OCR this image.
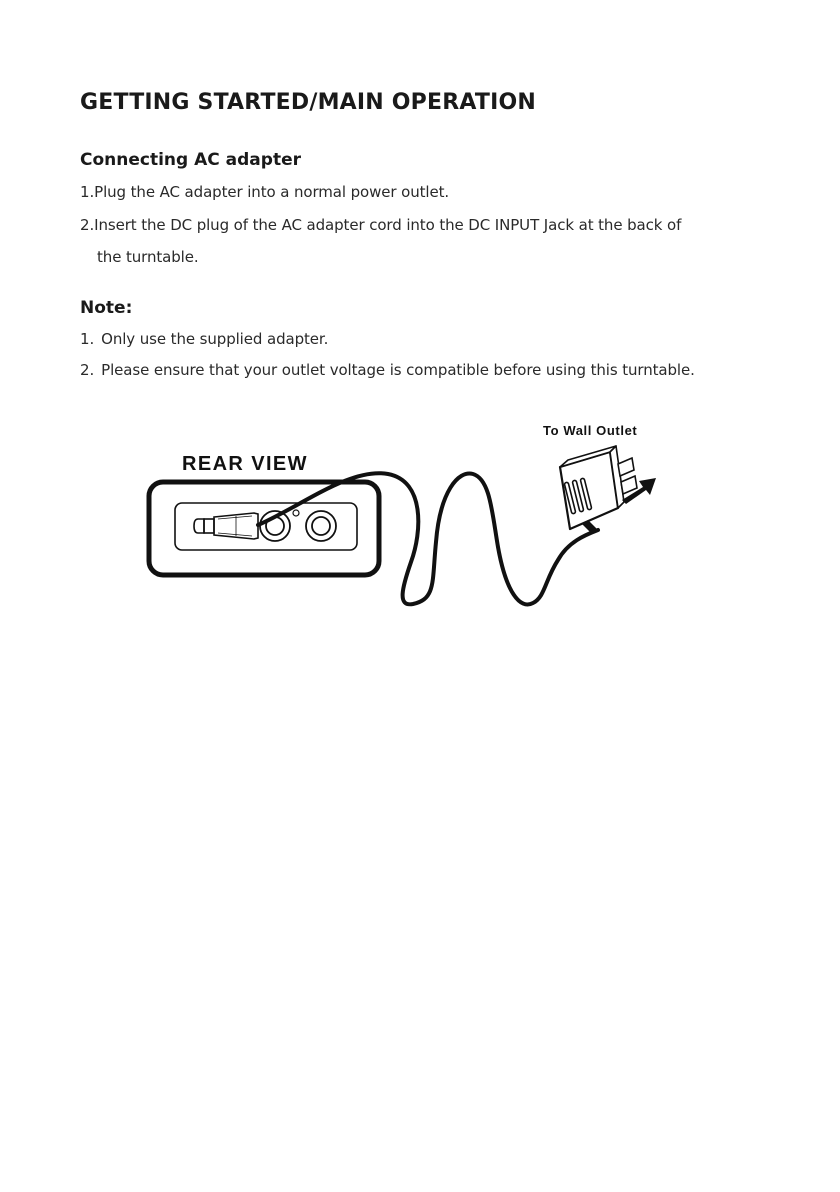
GETTING STARTED/MAIN OPERATION
Connecting AC adapter

1.Plug the AC adapter into a normal power outlet.

2.Insert the DC plug of the AC adapter cord into the DC INPUT Jack at the back of

the turntable.

Note:

1. Only use the supplied adapter.

2. Please ensure that your outlet voltage is compatible before using this turntable.

To Wall Outlet
REAR VIEW
